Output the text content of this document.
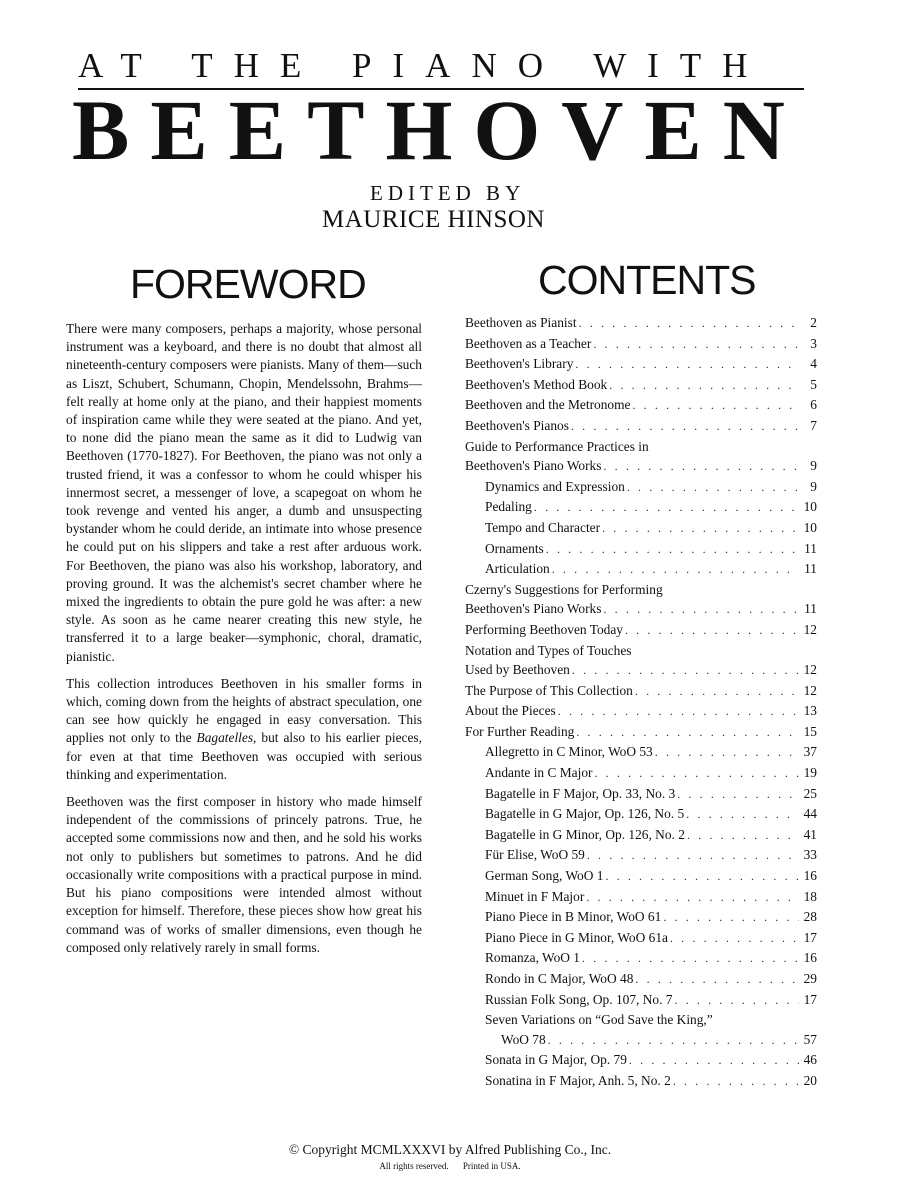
AT THE PIANO WITH
BEETHOVEN
EDITED BY
MAURICE HINSON
FOREWORD	CONTENTS

There were many composers, perhaps a majority, whose personal instrument was a keyboard, and there is no doubt that almost all nineteenth-century composers were pianists. Many of them—such as Liszt, Schubert, Schumann, Chopin, Mendelssohn, Brahms—felt really at home only at the piano, and their happiest moments of inspiration came while they were seated at the piano. And yet, to none did the piano mean the same as it did to Ludwig van Beethoven (1770-1827). For Beethoven, the piano was not only a trusted friend, it was a confessor to whom he could whisper his innermost secret, a messenger of love, a scapegoat on whom he took revenge and vented his anger, a dumb and unsuspecting bystander whom he could deride, an intimate into whose presence he could put on his slippers and take a rest after arduous work. For Beethoven, the piano was also his workshop, laboratory, and proving ground. It was the alchemist's secret chamber where he mixed the ingredients to obtain the pure gold he was after: a new style. As soon as he came nearer creating this new style, he transferred it to a large beaker—symphonic, choral, dramatic, pianistic.

This collection introduces Beethoven in his smaller forms in which, coming down from the heights of abstract speculation, one can see how quickly he engaged in easy conversation. This applies not only to the Bagatelles, but also to his earlier pieces, for even at that time Beethoven was occupied with serious thinking and experimentation.

Beethoven was the first composer in history who made himself independent of the commissions of princely patrons. True, he accepted some commissions now and then, and he sold his works not only to publishers but sometimes to patrons. And he did occasionally write compositions with a practical purpose in mind. But his piano compositions were intended almost without exception for himself. Therefore, these pieces show how great his command was of works of smaller dimensions, even though he composed only relatively rarely in small forms.

Beethoven as Pianist . . .	2
Beethoven as a Teacher . . .	3
Beethoven's Library . . .	4
Beethoven's Method Book . . .	5
Beethoven and the Metronome . . .	6
Beethoven's Pianos . . .	7
Guide to Performance Practices in
Beethoven's Piano Works . . .	9
Dynamics and Expression . . .	9
Pedaling . . .	10
Tempo and Character . . .	10
Ornaments . . .	11
Articulation . . .	11
Czerny's Suggestions for Performing
Beethoven's Piano Works . . .	11
Performing Beethoven Today . . .	12
Notation and Types of Touches
Used by Beethoven . . .	12
The Purpose of This Collection . . .	12
About the Pieces . . .	13
For Further Reading . . .	15
Allegretto in C Minor, WoO 53 . . .	37
Andante in C Major . . .	19
Bagatelle in F Major, Op. 33, No. 3 . . .	25
Bagatelle in G Major, Op. 126, No. 5 . . .	44
Bagatelle in G Minor, Op. 126, No. 2 . . .	41
Für Elise, WoO 59 . . .	33
German Song, WoO 1 . . .	16
Minuet in F Major . . .	18
Piano Piece in B Minor, WoO 61 . . .	28
Piano Piece in G Minor, WoO 61a . . .	17
Romanza, WoO 1 . . .	16
Rondo in C Major, WoO 48 . . .	29
Russian Folk Song, Op. 107, No. 7 . . .	17
Seven Variations on “God Save the King,”
WoO 78 . . .	57
Sonata in G Major, Op. 79 . . .	46
Sonatina in F Major, Anh. 5, No. 2 . . .	20
© Copyright MCMLXXXVI by Alfred Publishing Co., Inc.
All rights reserved. Printed in USA.
